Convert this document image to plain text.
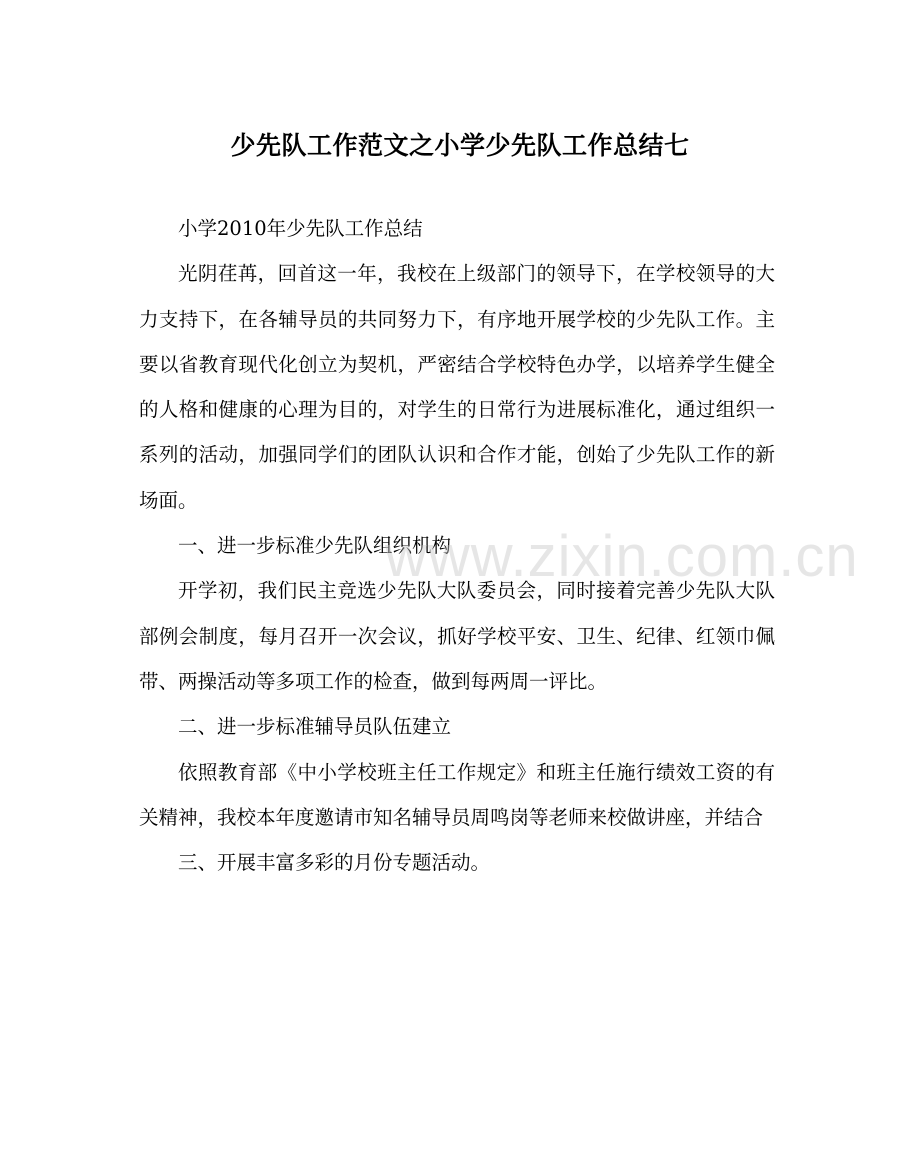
少先队工作范文之小学少先队工作总结七

小学2010年少先队工作总结

光阴荏苒，回首这一年，我校在上级部门的领导下，在学校领导的大力支持下，在各辅导员的共同努力下，有序地开展学校的少先队工作。主要以省教育现代化创立为契机，严密结合学校特色办学，以培养学生健全的人格和健康的心理为目的，对学生的日常行为进展标准化，通过组织一系列的活动，加强同学们的团队认识和合作才能，创始了少先队工作的新场面。

一、进一步标准少先队组织机构

开学初，我们民主竞选少先队大队委员会，同时接着完善少先队大队部例会制度，每月召开一次会议，抓好学校平安、卫生、纪律、红领巾佩带、两操活动等多项工作的检查，做到每两周一评比。

二、进一步标准辅导员队伍建立

依照教育部《中小学校班主任工作规定》和班主任施行绩效工资的有关精神，我校本年度邀请市知名辅导员周鸣岗等老师来校做讲座，并结合

三、开展丰富多彩的月份专题活动。

www.zixin.com.cn
